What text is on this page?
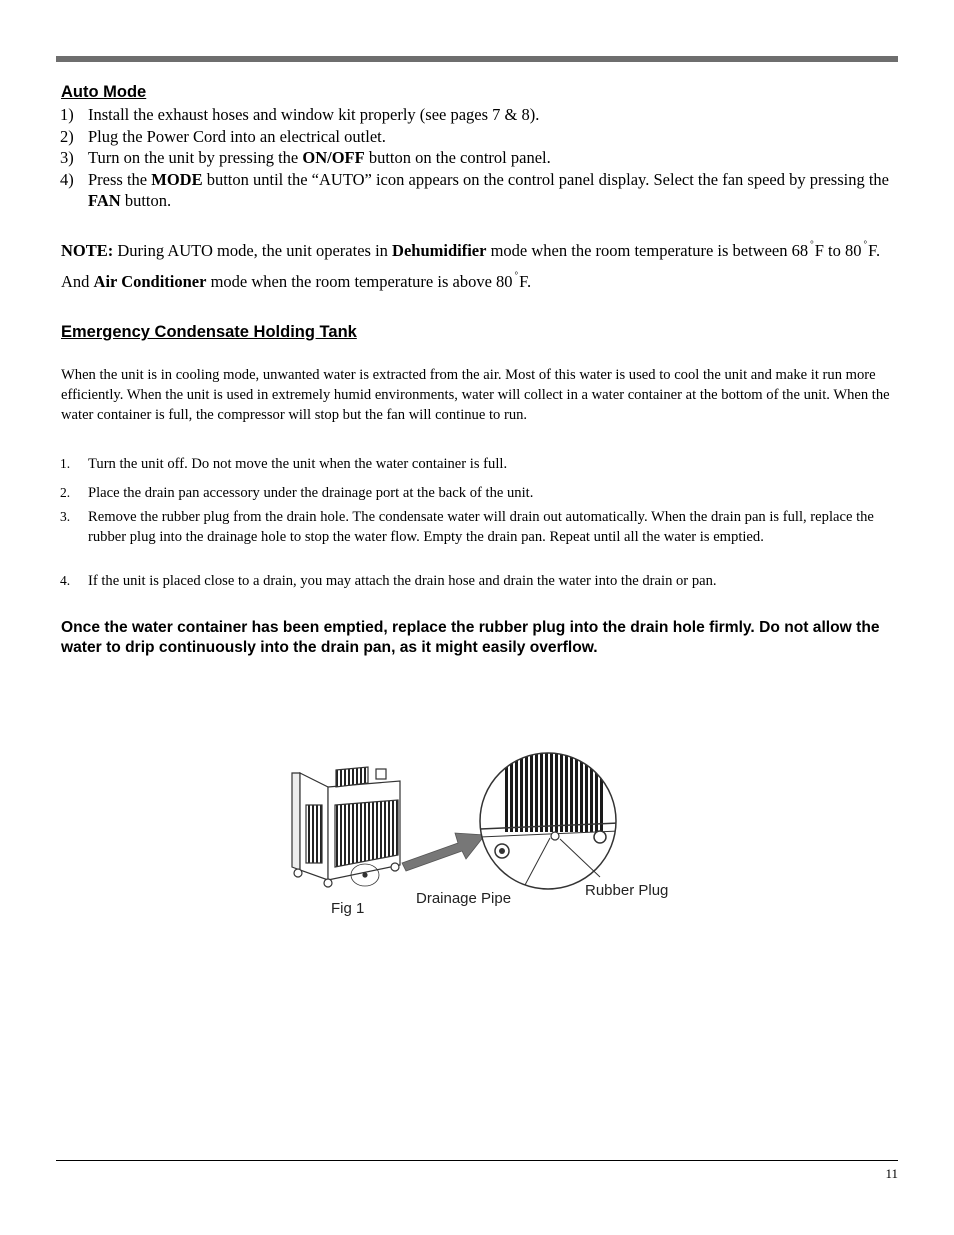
Auto Mode
1) Install the exhaust hoses and window kit properly (see pages 7 & 8).
2) Plug the Power Cord into an electrical outlet.
3) Turn on the unit by pressing the ON/OFF button on the control panel.
4) Press the MODE button until the “AUTO” icon appears on the control panel display. Select the fan speed by pressing the FAN button.

NOTE: During AUTO mode, the unit operates in Dehumidifier mode when the room temperature is between 68 °F to 80 °F. And Air Conditioner mode when the room temperature is above 80 °F.

Emergency Condensate Holding Tank

When the unit is in cooling mode, unwanted water is extracted from the air. Most of this water is used to cool the unit and make it run more efficiently. When the unit is used in extremely humid environments, water will collect in a water container at the bottom of the unit. When the water container is full, the compressor will stop but the fan will continue to run.

1.	Turn the unit off. Do not move the unit when the water container is full.
2.	Place the drain pan accessory under the drainage port at the back of the unit.
3.	Remove the rubber plug from the drain hole. The condensate water will drain out automatically. When the drain pan is full, replace the rubber plug into the drainage hole to stop the water flow. Empty the drain pan. Repeat until all the water is emptied.
4.	If the unit is placed close to a drain, you may attach the drain hose and drain the water into the drain or pan.

Once the water container has been emptied, replace the rubber plug into the drain hole firmly. Do not allow the water to drip continuously into the drain pan, as it might easily overflow.

Fig 1
Drainage Pipe	Rubber Plug
11
